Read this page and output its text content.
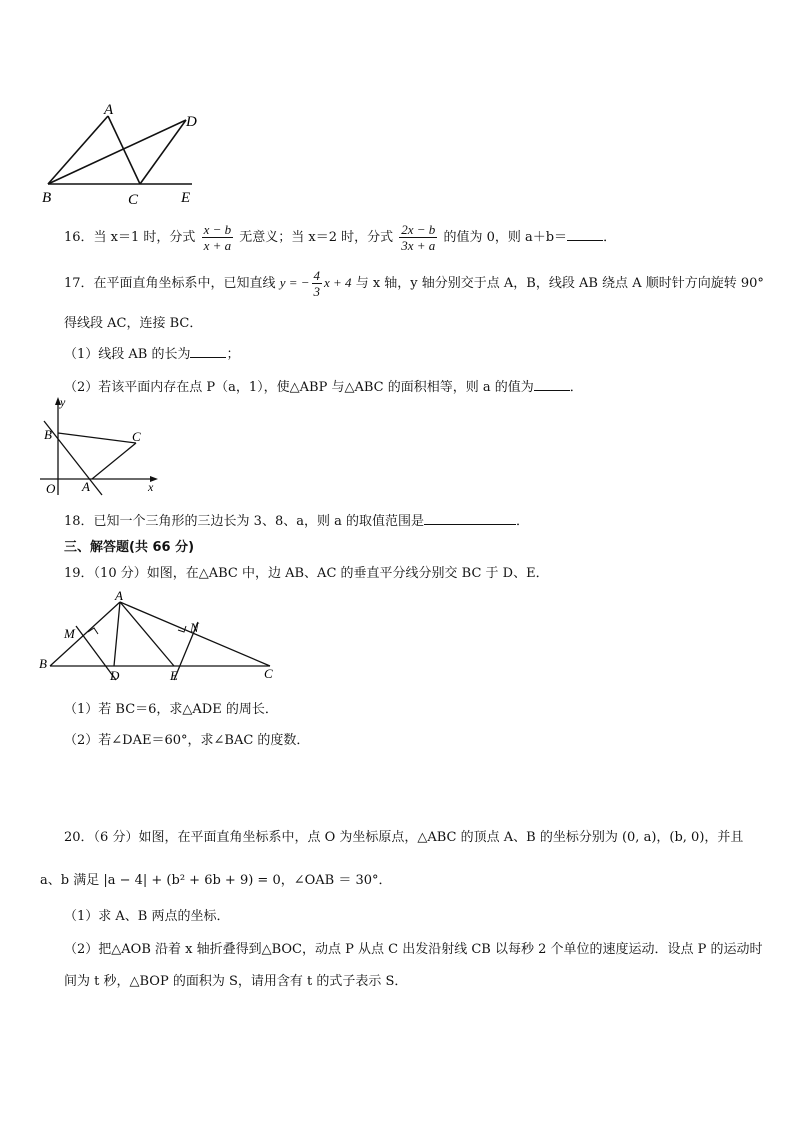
A
D
B	C	E
16．当 x＝1 时，分式 $\frac{x - b}{x + a}$ 无意义；当 x＝2 时，分式 $\frac{2x - b}{3x + a}$ 的值为 0，则 a＋b＝	．
17．在平面直角坐标系中，已知直线 y = − $\frac{4}{3}$ x + 4 与 x 轴，y 轴分别交于点 A，B，线段 AB 绕点 A 顺时针方向旋转 90°
得线段 AC，连接 BC．
（1）线段 AB 的长为	；
（2）若该平面内存在点 P（a，1），使△ABP 与△ABC 的面积相等，则 a 的值为	．
y
x
B	C
O A
18．已知一个三角形的三边长为 3、8、a，则 a 的取值范围是	．
三、解答题(共 66 分)
19．（10 分）如图，在△ABC 中，边 AB、AC 的垂直平分线分别交 BC 于 D、E．
A
M	N
B
D	E	C
（1）若 BC＝6，求△ADE 的周长．
（2）若∠DAE＝60°，求∠BAC 的度数．
20．（6 分）如图，在平面直角坐标系中，点 O 为坐标原点，△ABC 的顶点 A、B 的坐标分别为 (0, a)，(b, 0)，并且
a、b 满足 |a − 4| + (b² + 6b + 9) = 0，∠OAB ＝ 30°．
（1）求 A、B 两点的坐标．
（2）把△AOB 沿着 x 轴折叠得到△BOC，动点 P 从点 C 出发沿射线 CB 以每秒 2 个单位的速度运动．设点 P 的运动时
间为 t 秒，△BOP 的面积为 S，请用含有 t 的式子表示 S．
